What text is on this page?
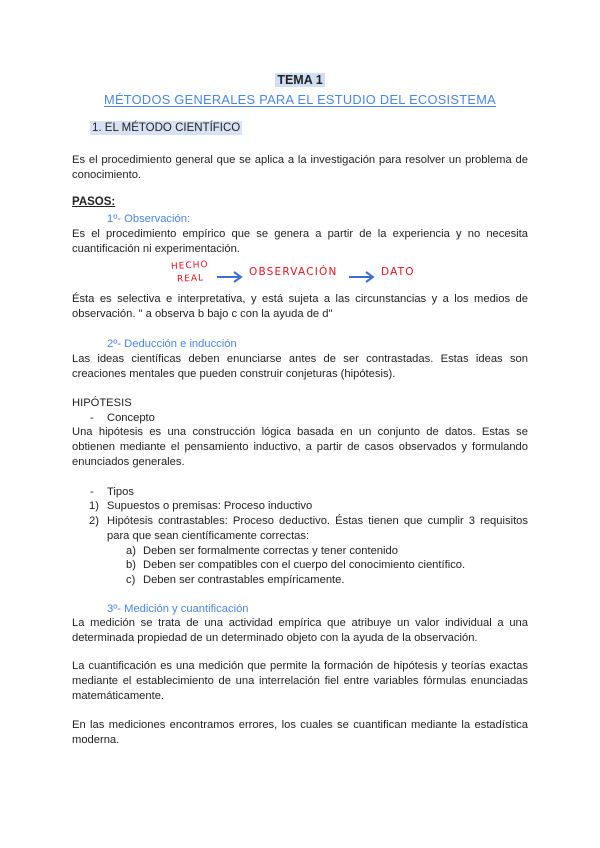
TEMA 1
MÉTODOS GENERALES PARA EL ESTUDIO DEL ECOSISTEMA
1. EL MÉTODO CIENTÍFICO

Es el procedimiento general que se aplica a la investigación para resolver un problema de conocimiento.

PASOS:
1º- Observación:

Es el procedimiento empírico que se genera a partir de la experiencia y no necesita cuantificación ni experimentación.

HECHO
REAL
OBSERVACIÓN	DATO

Ésta es selectiva e interpretativa, y está sujeta a las circunstancias y a los medios de observación. " a observa b bajo c con la ayuda de d"

2º- Deducción e inducción

Las ideas científicas deben enunciarse antes de ser contrastadas. Estas ideas son creaciones mentales que pueden construir conjeturas (hipótesis).

HIPÓTESIS
- Concepto

Una hipótesis es una construcción lógica basada en un conjunto de datos. Estas se obtienen mediante el pensamiento inductivo, a partir de casos observados y formulando enunciados generales.

- Tipos
1) Supuestos o premisas: Proceso inductivo
2) Hipótesis contrastables: Proceso deductivo. Éstas tienen que cumplir 3 requisitos para que sean científicamente correctas:

a) Deben ser formalmente correctas y tener contenido
b) Deben ser compatibles con el cuerpo del conocimiento científico.
c) Deben ser contrastables empíricamente.
3º- Medición y cuantificación

La medición se trata de una actividad empírica que atribuye un valor individual a una determinada propiedad de un determinado objeto con la ayuda de la observación.

La cuantificación es una medición que permite la formación de hipótesis y teorías exactas mediante el establecimiento de una interrelación fiel entre variables fórmulas enunciadas matemáticamente.

En las mediciones encontramos errores, los cuales se cuantifican mediante la estadística moderna.
